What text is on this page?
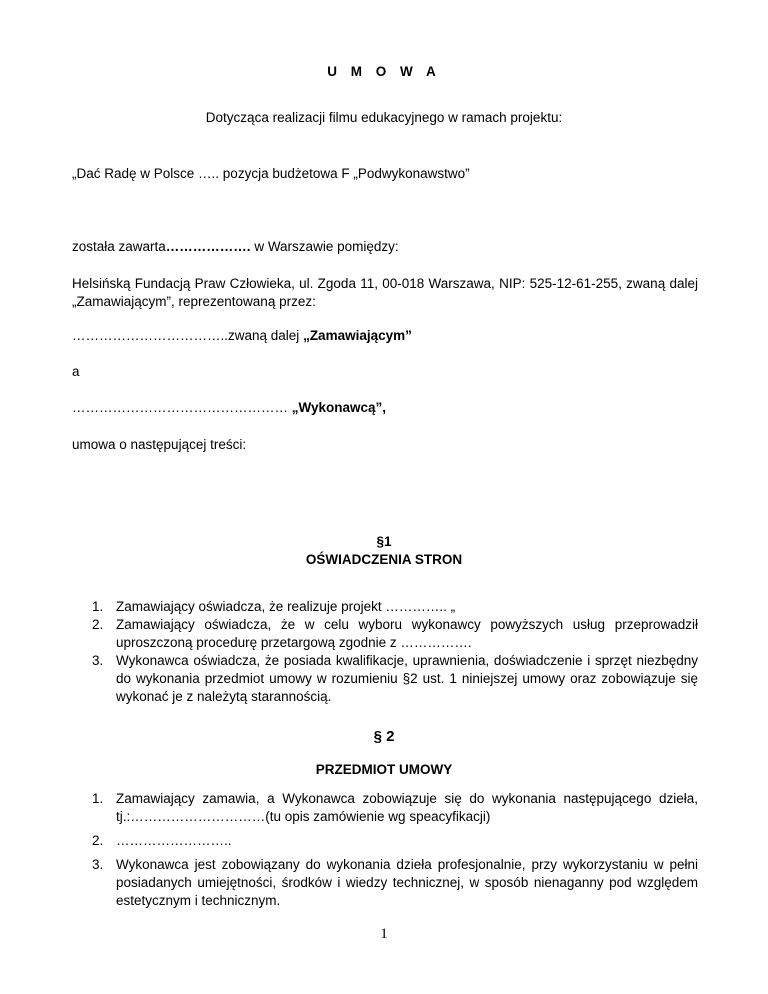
U M O W A
Dotycząca realizacji filmu edukacyjnego w ramach projektu:
„Dać Radę w Polsce ….. pozycja budżetowa F „Podwykonawstwo”
została zawarta………………. w Warszawie pomiędzy:
Helsińską Fundacją Praw Człowieka, ul. Zgoda 11, 00-018 Warszawa, NIP: 525-12-61-255, zwaną dalej „Zamawiającym”, reprezentowaną przez:
……………………………..zwaną dalej „Zamawiającym”
a
………………………………………… „Wykonawcą”,
umowa o następującej treści:
§1
OŚWIADCZENIA STRON
1. Zamawiający oświadcza, że realizuje projekt ………….. „
2. Zamawiający oświadcza, że w celu wyboru wykonawcy powyższych usług przeprowadził uproszczoną procedurę przetargową zgodnie z …………….
3. Wykonawca oświadcza, że posiada kwalifikacje, uprawnienia, doświadczenie i sprzęt niezbędny do wykonania przedmiot umowy w rozumieniu §2 ust. 1 niniejszej umowy oraz zobowiązuje się wykonać je z należytą starannością.
§ 2
PRZEDMIOT UMOWY
1. Zamawiający zamawia, a Wykonawca zobowiązuje się do wykonania następującego dzieła, tj.:…………………………(tu opis zamówienie wg speacyfikacji)
2. ……………………..
3. Wykonawca jest zobowiązany do wykonania dzieła profesjonalnie, przy wykorzystaniu w pełni posiadanych umiejętności, środków i wiedzy technicznej, w sposób nienaganny pod względem estetycznym i technicznym.
1
